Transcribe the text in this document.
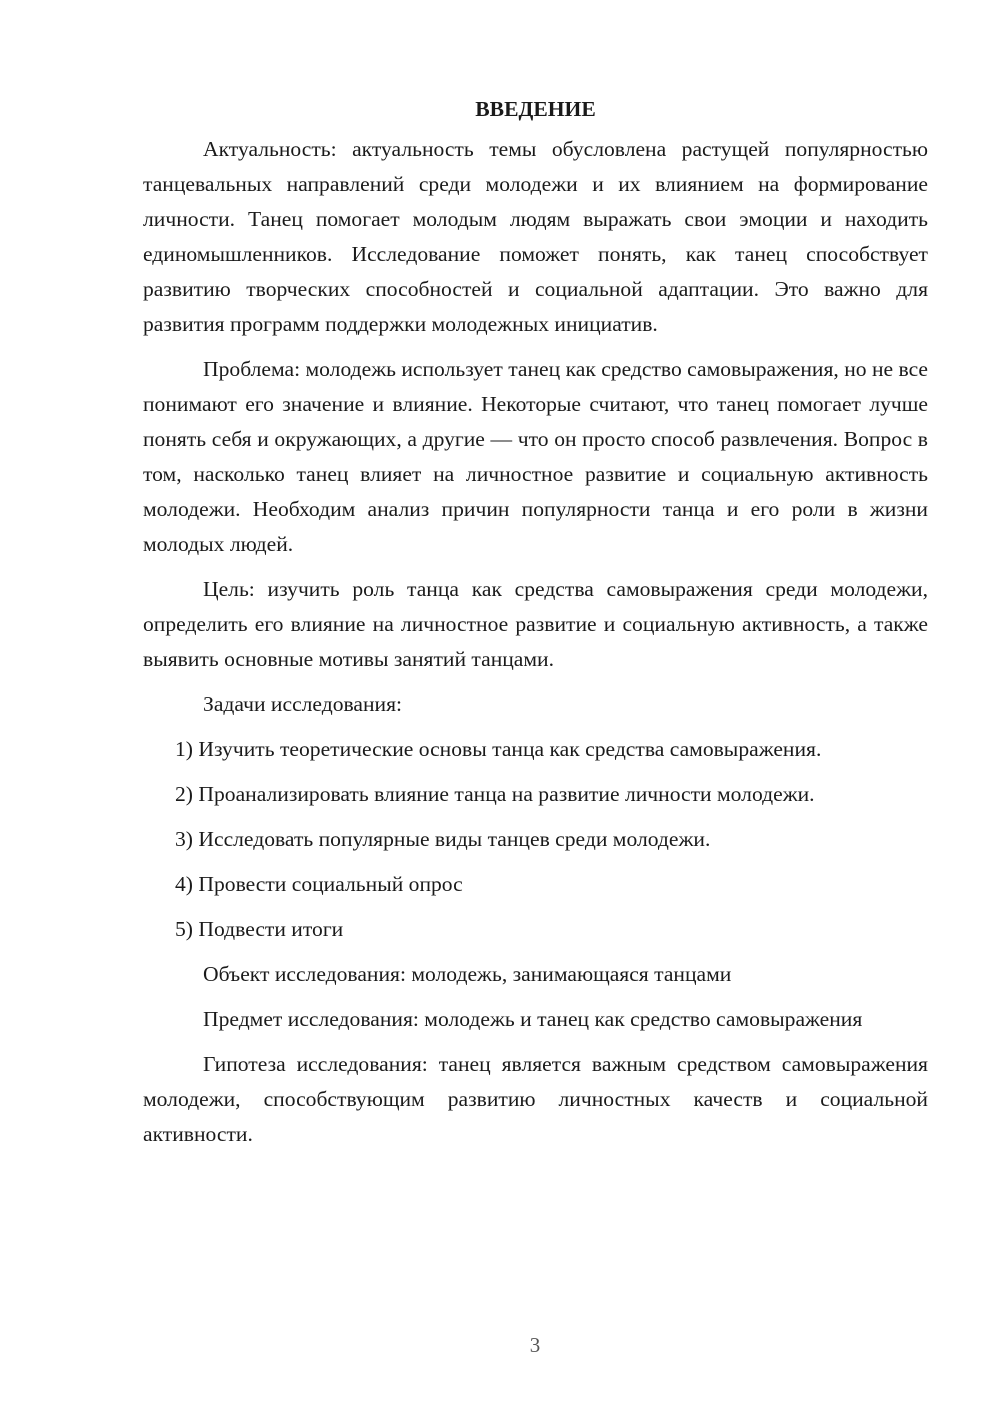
ВВЕДЕНИЕ

Актуальность: актуальность темы обусловлена растущей популярностью танцевальных направлений среди молодежи и их влиянием на формирование личности. Танец помогает молодым людям выражать свои эмоции и находить единомышленников. Исследование поможет понять, как танец способствует развитию творческих способностей и социальной адаптации. Это важно для развития программ поддержки молодежных инициатив.

Проблема: молодежь использует танец как средство самовыражения, но не все понимают его значение и влияние. Некоторые считают, что танец помогает лучше понять себя и окружающих, а другие — что он просто способ развлечения. Вопрос в том, насколько танец влияет на личностное развитие и социальную активность молодежи. Необходим анализ причин популярности танца и его роли в жизни молодых людей.

Цель: изучить роль танца как средства самовыражения среди молодежи, определить его влияние на личностное развитие и социальную активность, а также выявить основные мотивы занятий танцами.

Задачи исследования:

1) Изучить теоретические основы танца как средства самовыражения.
2) Проанализировать влияние танца на развитие личности молодежи.
3) Исследовать популярные виды танцев среди молодежи.
4) Провести социальный опрос
5) Подвести итоги

Объект исследования: молодежь, занимающаяся танцами

Предмет исследования: молодежь и танец как средство самовыражения

Гипотеза исследования: танец является важным средством самовыражения молодежи, способствующим развитию личностных качеств и социальной активности.

3
